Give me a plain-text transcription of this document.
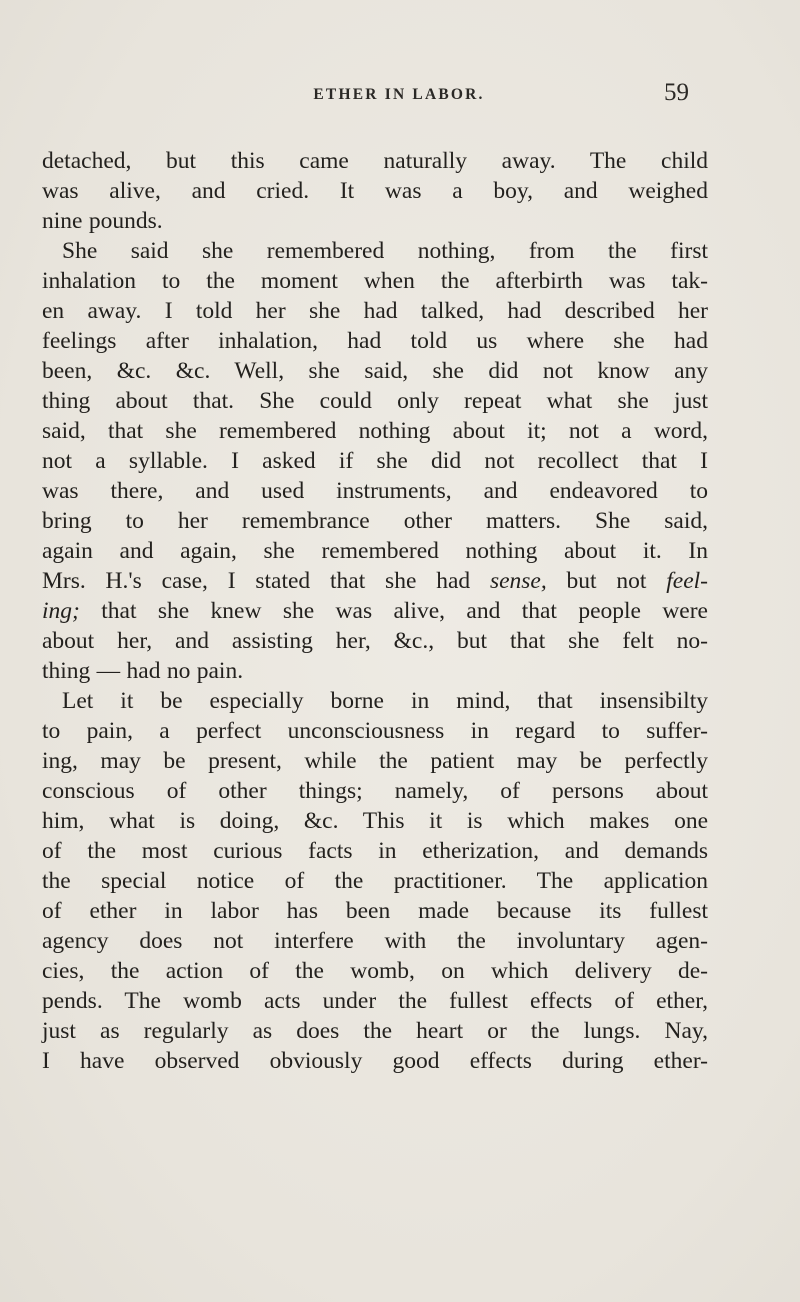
ETHER IN LABOR.	59
detached, but this came naturally away. The child
was alive, and cried. It was a boy, and weighed
nine pounds.
She said she remembered nothing, from the first
inhalation to the moment when the afterbirth was tak-
en away. I told her she had talked, had described her
feelings after inhalation, had told us where she had
been, &c. &c. Well, she said, she did not know any
thing about that. She could only repeat what she just
said, that she remembered nothing about it; not a word,
not a syllable. I asked if she did not recollect that I
was there, and used instruments, and endeavored to
bring to her remembrance other matters. She said,
again and again, she remembered nothing about it. In
Mrs. H.'s case, I stated that she had sense, but not feel-
ing; that she knew she was alive, and that people were
about her, and assisting her, &c., but that she felt no-
thing — had no pain.
Let it be especially borne in mind, that insensibilty
to pain, a perfect unconsciousness in regard to suffer-
ing, may be present, while the patient may be perfectly
conscious of other things; namely, of persons about
him, what is doing, &c. This it is which makes one
of the most curious facts in etherization, and demands
the special notice of the practitioner. The application
of ether in labor has been made because its fullest
agency does not interfere with the involuntary agen-
cies, the action of the womb, on which delivery de-
pends. The womb acts under the fullest effects of ether,
just as regularly as does the heart or the lungs. Nay,
I have observed obviously good effects during ether-
